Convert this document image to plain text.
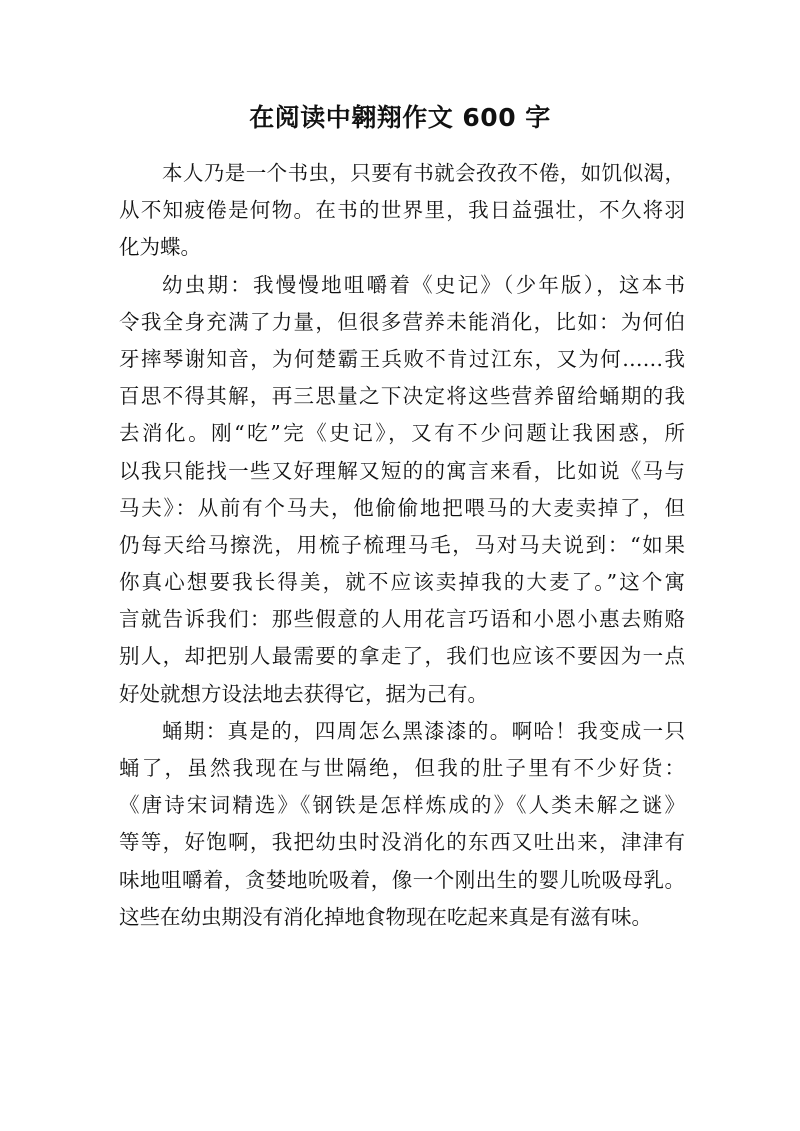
在阅读中翱翔作文 600 字
本人乃是一个书虫，只要有书就会孜孜不倦，如饥似渴，
从不知疲倦是何物。在书的世界里，我日益强壮，不久将羽
化为蝶。
幼虫期：我慢慢地咀嚼着《史记》（少年版），这本书
令我全身充满了力量，但很多营养未能消化，比如：为何伯
牙摔琴谢知音，为何楚霸王兵败不肯过江东，又为何……我
百思不得其解，再三思量之下决定将这些营养留给蛹期的我
去消化。刚“吃”完《史记》，又有不少问题让我困惑，所
以我只能找一些又好理解又短的的寓言来看，比如说《马与
马夫》：从前有个马夫，他偷偷地把喂马的大麦卖掉了，但
仍每天给马擦洗，用梳子梳理马毛，马对马夫说到：“如果
你真心想要我长得美，就不应该卖掉我的大麦了。”这个寓
言就告诉我们：那些假意的人用花言巧语和小恩小惠去贿赂
别人，却把别人最需要的拿走了，我们也应该不要因为一点
好处就想方设法地去获得它，据为己有。
蛹期：真是的，四周怎么黑漆漆的。啊哈！我变成一只
蛹了，虽然我现在与世隔绝，但我的肚子里有不少好货：
《唐诗宋词精选》《钢铁是怎样炼成的》《人类未解之谜》
等等，好饱啊，我把幼虫时没消化的东西又吐出来，津津有
味地咀嚼着，贪婪地吮吸着，像一个刚出生的婴儿吮吸母乳。
这些在幼虫期没有消化掉地食物现在吃起来真是有滋有味。
